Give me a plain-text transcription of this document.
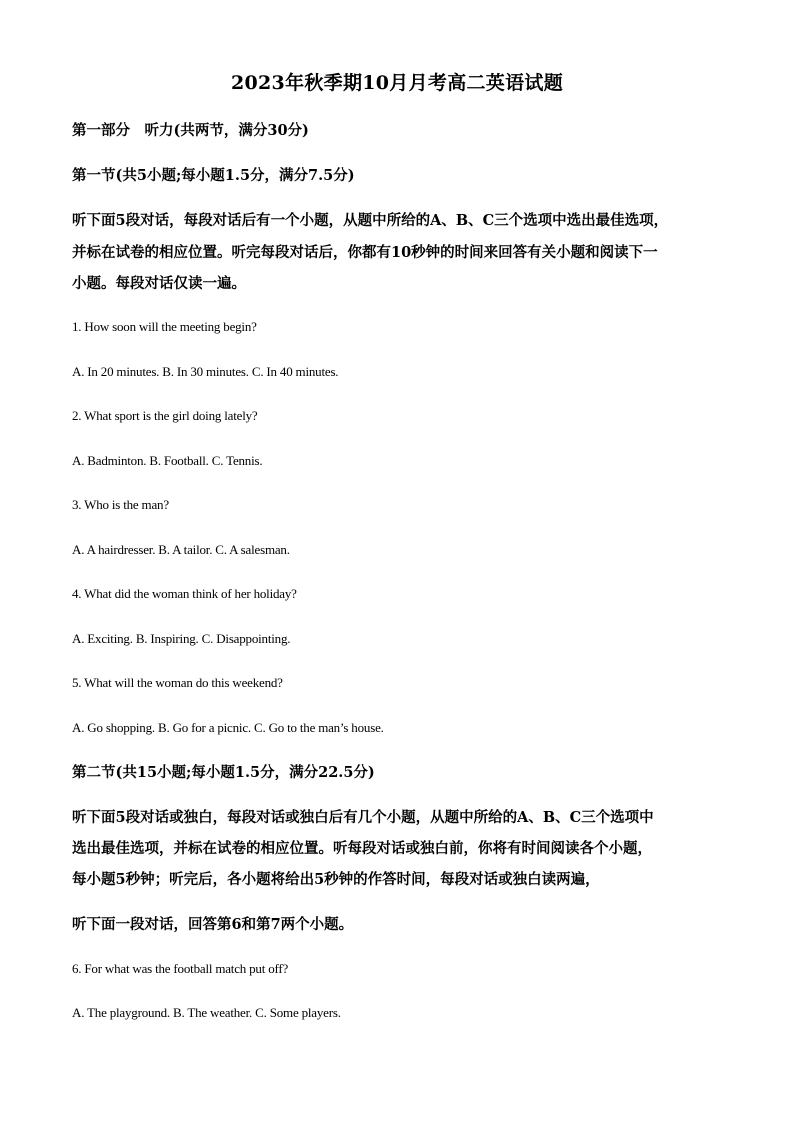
2023年秋季期10月月考高二英语试题
第一部分　听力(共两节，满分30分)
第一节(共5小题;每小题1.5分，满分7.5分)
听下面5段对话，每段对话后有一个小题，从题中所给的A、B、C三个选项中选出最佳选项，
并标在试卷的相应位置。听完每段对话后，你都有10秒钟的时间来回答有关小题和阅读下一
小题。每段对话仅读一遍。
1. How soon will the meeting begin?
A. In 20 minutes. B. In 30 minutes. C. In 40 minutes.
2. What sport is the girl doing lately?
A. Badminton. B. Football. C. Tennis.
3. Who is the man?
A. A hairdresser. B. A tailor. C. A salesman.
4. What did the woman think of her holiday?
A. Exciting. B. Inspiring. C. Disappointing.
5. What will the woman do this weekend?
A. Go shopping. B. Go for a picnic. C. Go to the man’s house.
第二节(共15小题;每小题1.5分，满分22.5分)
听下面5段对话或独白，每段对话或独白后有几个小题，从题中所给的A、B、C三个选项中
选出最佳选项，并标在试卷的相应位置。听每段对话或独白前，你将有时间阅读各个小题，
每小题5秒钟；听完后，各小题将给出5秒钟的作答时间，每段对话或独白读两遍，
听下面一段对话，回答第6和第7两个小题。
6. For what was the football match put off?
A. The playground. B. The weather. C. Some players.
